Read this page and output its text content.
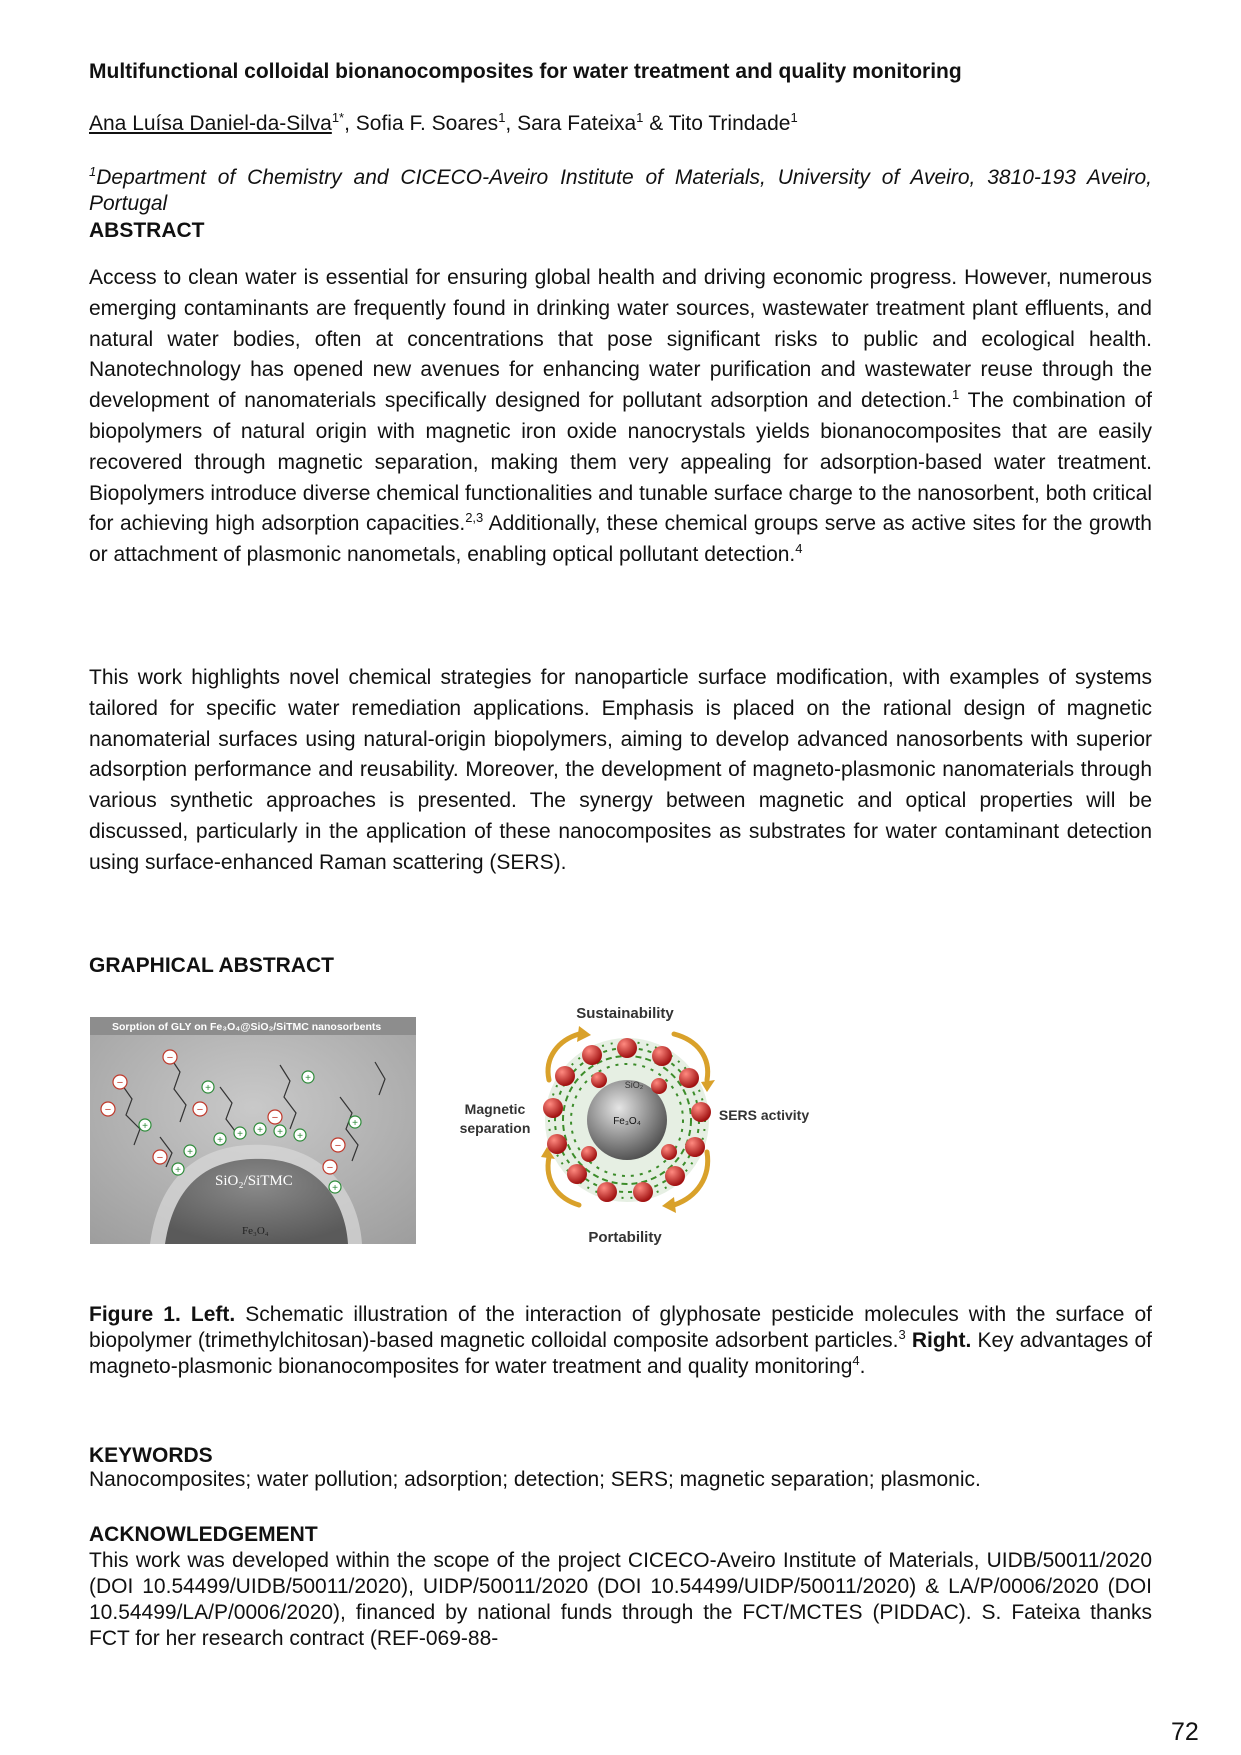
Multifunctional colloidal bionanocomposites for water treatment and quality monitoring
Ana Luísa Daniel-da-Silva$^{1*}$, Sofia F. Soares$^1$, Sara Fateixa$^1$ & Tito Trindade$^1$
$^1$Department of Chemistry and CICECO-Aveiro Institute of Materials, University of Aveiro, 3810-193 Aveiro, Portugal
ABSTRACT
Access to clean water is essential for ensuring global health and driving economic progress. However, numerous emerging contaminants are frequently found in drinking water sources, wastewater treatment plant effluents, and natural water bodies, often at concentrations that pose significant risks to public and ecological health. Nanotechnology has opened new avenues for enhancing water purification and wastewater reuse through the development of nanomaterials specifically designed for pollutant adsorption and detection.$^1$ The combination of biopolymers of natural origin with magnetic iron oxide nanocrystals yields bionanocomposites that are easily recovered through magnetic separation, making them very appealing for adsorption-based water treatment. Biopolymers introduce diverse chemical functionalities and tunable surface charge to the nanosorbent, both critical for achieving high adsorption capacities.$^{2,3}$ Additionally, these chemical groups serve as active sites for the growth or attachment of plasmonic nanometals, enabling optical pollutant detection.$^4$
This work highlights novel chemical strategies for nanoparticle surface modification, with examples of systems tailored for specific water remediation applications. Emphasis is placed on the rational design of magnetic nanomaterial surfaces using natural-origin biopolymers, aiming to develop advanced nanosorbents with superior adsorption performance and reusability. Moreover, the development of magneto-plasmonic nanomaterials through various synthetic approaches is presented. The synergy between magnetic and optical properties will be discussed, particularly in the application of these nanocomposites as substrates for water contaminant detection using surface-enhanced Raman scattering (SERS).
GRAPHICAL ABSTRACT
Sorption of GLY on Fe₃O₄@SiO₂/SiTMC nanosorbents
SiO₂/SiTMC
Fe₃O₄
−
−
−
−
−
−
−
−
+
+ + + +
+
+
+
+
+
+
+
Sustainability
Magnetic
separation
SERS activity
Portability
SiO₂
Fe₃O₄
Figure 1. Left. Schematic illustration of the interaction of glyphosate pesticide molecules with the surface of biopolymer (trimethylchitosan)-based magnetic colloidal composite adsorbent particles.$^3$ Right. Key advantages of magneto-plasmonic bionanocomposites for water treatment and quality monitoring$^4$.
KEYWORDS
Nanocomposites; water pollution; adsorption; detection; SERS; magnetic separation; plasmonic.
ACKNOWLEDGEMENT
This work was developed within the scope of the project CICECO-Aveiro Institute of Materials, UIDB/50011/2020 (DOI 10.54499/UIDB/50011/2020), UIDP/50011/2020 (DOI 10.54499/UIDP/50011/2020) & LA/P/0006/2020 (DOI 10.54499/LA/P/0006/2020), financed by national funds through the FCT/MCTES (PIDDAC). S. Fateixa thanks FCT for her research contract (REF-069-88-
72
